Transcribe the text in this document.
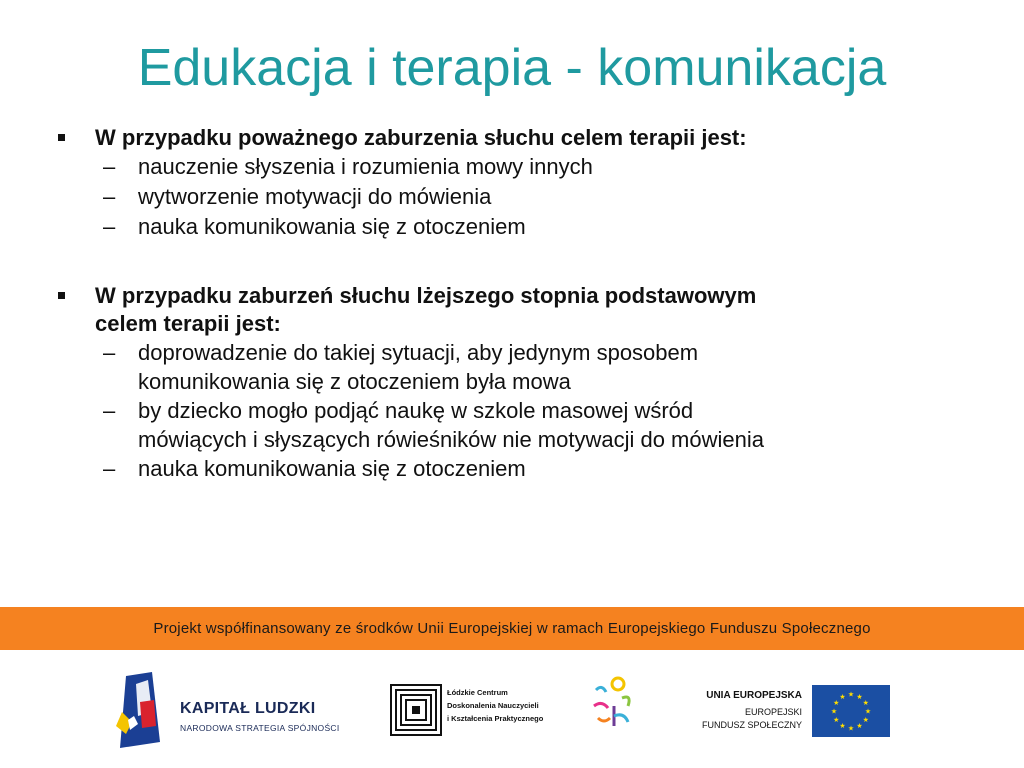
Edukacja i terapia - komunikacja
W przypadku poważnego zaburzenia słuchu celem terapii jest:
– nauczenie słyszenia i rozumienia mowy innych
– wytworzenie motywacji do mówienia
– nauka komunikowania się z otoczeniem
W przypadku zaburzeń słuchu lżejszego stopnia podstawowym
celem terapii jest:
– doprowadzenie do takiej sytuacji, aby jedynym sposobem
komunikowania się z otoczeniem była mowa
– by dziecko mogło podjąć naukę w szkole masowej wśród
mówiących i słyszących rówieśników nie motywacji do mówienia
– nauka komunikowania się z otoczeniem
Projekt współfinansowany ze środków Unii Europejskiej w ramach Europejskiego Funduszu Społecznego
KAPITAŁ LUDZKI
NARODOWA STRATEGIA SPÓJNOŚCI
Łódzkie Centrum
Doskonalenia Nauczycieli
i Kształcenia Praktycznego
UNIA EUROPEJSKA
EUROPEJSKI
FUNDUSZ SPOŁECZNY
★
★
★
★
★
★
★
★
★ ★ ★
★
